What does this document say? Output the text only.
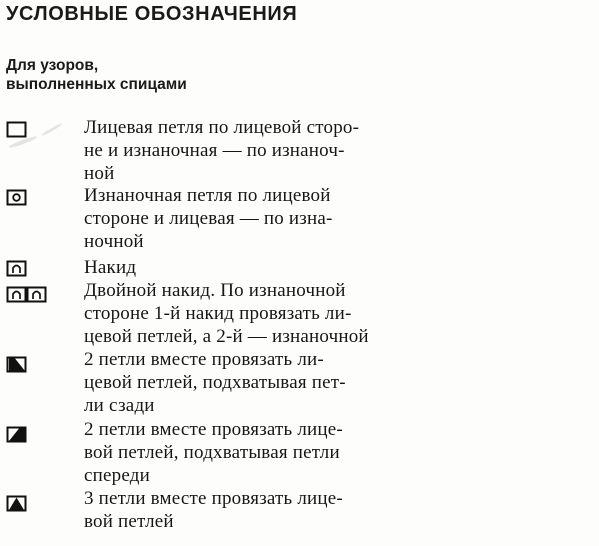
УСЛОВНЫЕ ОБОЗНАЧЕНИЯ
Для узоров,
выполненных спицами
Лицевая петля по лицевой сторо-
не и изнаночная — по изнаноч-
ной
Изнаночная петля по лицевой
стороне и лицевая — по изна-
ночной
Накид
Двойной накид. По изнаночной
стороне 1-й накид провязать ли-
цевой петлей, а 2-й — изнаночной
2 петли вместе провязать ли-
цевой петлей, подхватывая пет-
ли сзади
2 петли вместе провязать лице-
вой петлей, подхватывая петли
спереди
3 петли вместе провязать лице-
вой петлей
